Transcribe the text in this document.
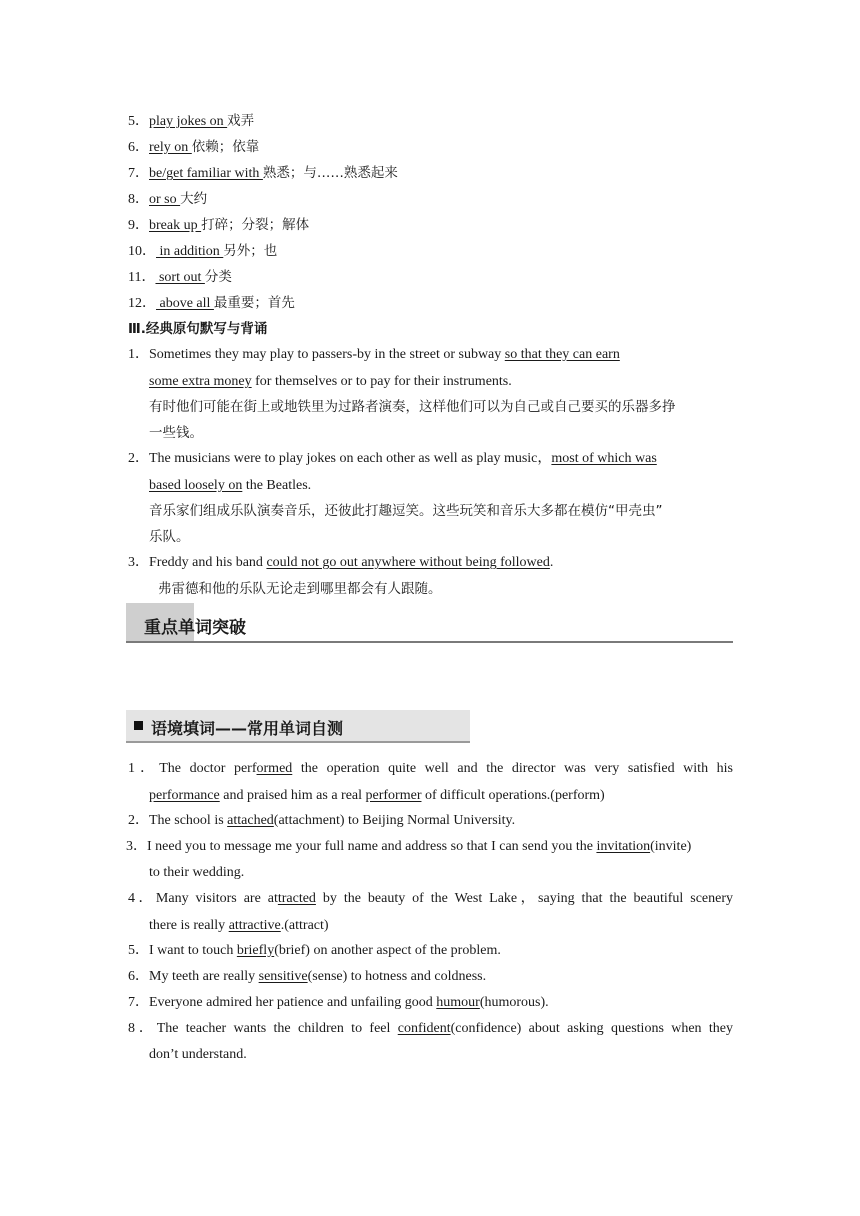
5．play jokes on 戏弄
6．rely on 依赖；依靠
7．be/get familiar with 熟悉；与……熟悉起来
8．or so 大约
9．break up 打碎；分裂；解体
10． in addition 另外；也
11． sort out 分类
12． above all 最重要；首先
Ⅲ.经典原句默写与背诵
1．Sometimes they may play to passers-by in the street or subway so that they can earn
some extra money for themselves or to pay for their instruments.
有时他们可能在街上或地铁里为过路者演奏，这样他们可以为自己或自己要买的乐器多挣
一些钱。
2．The musicians were to play jokes on each other as well as play music，most of which was
based loosely on the Beatles.
音乐家们组成乐队演奏音乐，还彼此打趣逗笑。这些玩笑和音乐大多都在模仿“甲壳虫”
乐队。
3．Freddy and his band could not go out anywhere without being followed.
弗雷德和他的乐队无论走到哪里都会有人跟随。
重点单词突破
语境填词——常用单词自测
1．The doctor performed the operation quite well and the director was very satisfied with his
performance and praised him as a real performer of difficult operations.(perform)
2．The school is attached(attachment) to Beijing Normal University.
3．I need you to message me your full name and address so that I can send you the invitation(invite)
to their wedding.
4．Many visitors are attracted by the beauty of the West Lake，saying that the beautiful scenery
there is really attractive.(attract)
5．I want to touch briefly(brief) on another aspect of the problem.
6．My teeth are really sensitive(sense) to hotness and coldness.
7．Everyone admired her patience and unfailing good humour(humorous).
8．The teacher wants the children to feel confident(confidence) about asking questions when they
don’t understand.
